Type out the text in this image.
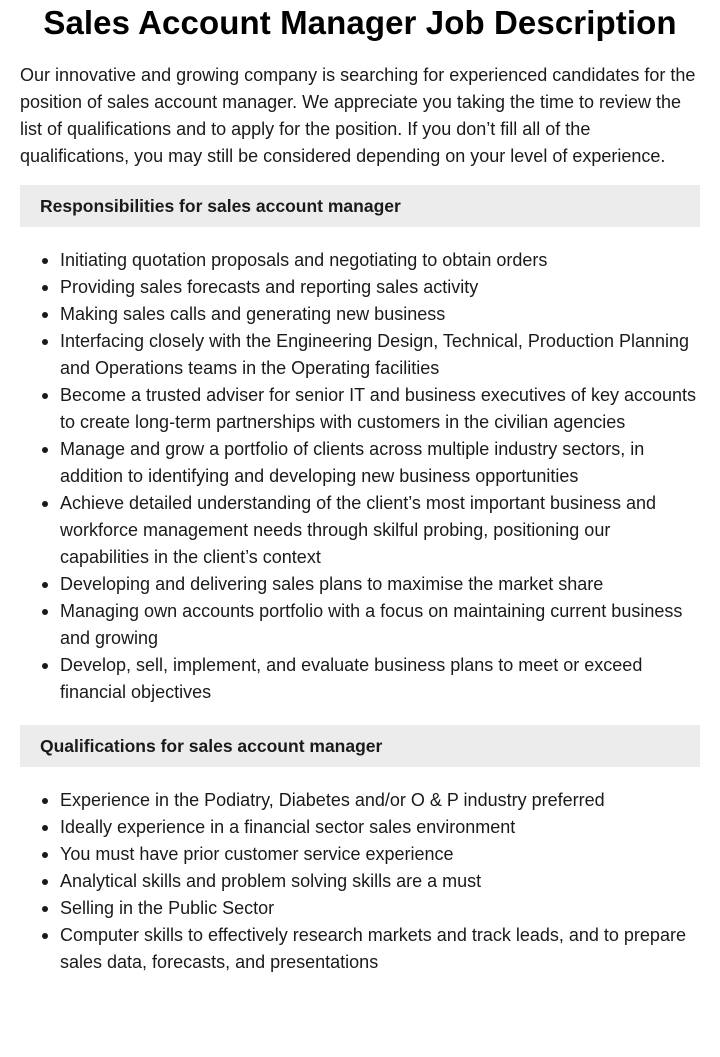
Sales Account Manager Job Description

Our innovative and growing company is searching for experienced candidates for the position of sales account manager. We appreciate you taking the time to review the list of qualifications and to apply for the position. If you don’t fill all of the qualifications, you may still be considered depending on your level of experience.

Responsibilities for sales account manager
Initiating quotation proposals and negotiating to obtain orders
Providing sales forecasts and reporting sales activity
Making sales calls and generating new business
Interfacing closely with the Engineering Design, Technical, Production Planning and Operations teams in the Operating facilities
Become a trusted adviser for senior IT and business executives of key accounts to create long-term partnerships with customers in the civilian agencies
Manage and grow a portfolio of clients across multiple industry sectors, in addition to identifying and developing new business opportunities
Achieve detailed understanding of the client’s most important business and workforce management needs through skilful probing, positioning our capabilities in the client’s context
Developing and delivering sales plans to maximise the market share
Managing own accounts portfolio with a focus on maintaining current business and growing
Develop, sell, implement, and evaluate business plans to meet or exceed financial objectives
Qualifications for sales account manager
Experience in the Podiatry, Diabetes and/or O & P industry preferred
Ideally experience in a financial sector sales environment
You must have prior customer service experience
Analytical skills and problem solving skills are a must
Selling in the Public Sector
Computer skills to effectively research markets and track leads, and to prepare sales data, forecasts, and presentations
